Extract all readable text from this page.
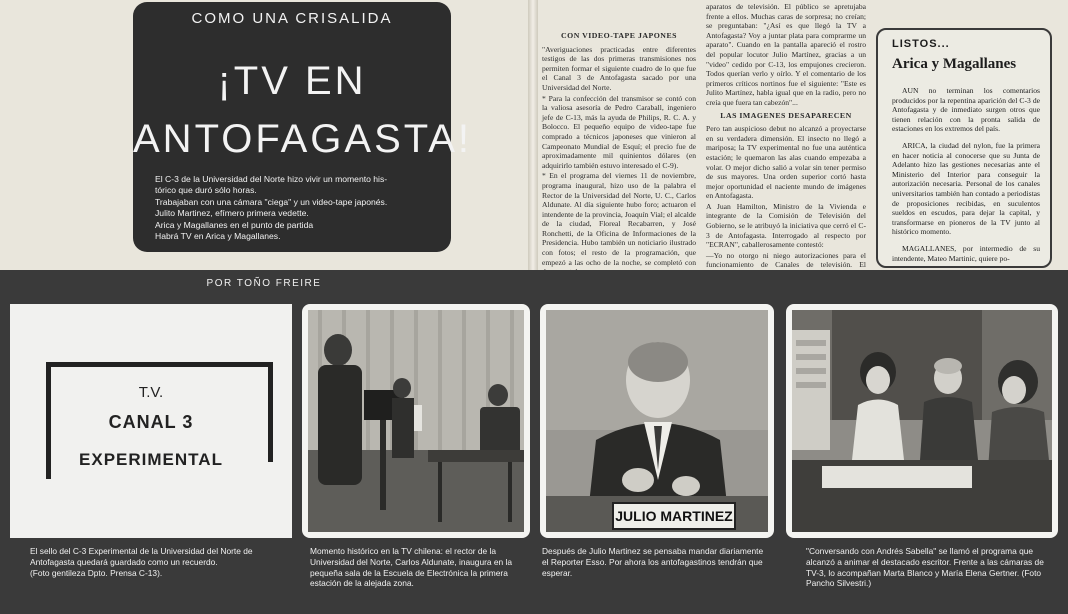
COMO UNA CRISALIDA
¡TV EN
ANTOFAGASTA!
El C-3 de la Universidad del Norte hizo vivir un momento his-
tórico que duró sólo horas.
Trabajaban con una cámara "ciega" y un video-tape japonés.
Julito Martinez, efímero primera vedette.
Arica y Magallanes en el punto de partida
Habrá TV en Arica y Magallanes.
CON VIDEO-TAPE JAPONES

"Averiguaciones practicadas entre diferentes testigos de las dos primeras transmisiones nos permiten formar el siguiente cuadro de lo que fue el Canal 3 de Antofagasta sacado por una Universidad del Norte.

* Para la confección del transmisor se contó con la valiosa asesoría de Pedro Caraball, ingeniero jefe de C-13, más la ayuda de Philips, R. C. A. y Bolocco. El pequeño equipo de video-tape fue comprado a técnicos japoneses que vinieron al Campeonato Mundial de Esquí; el precio fue de aproximadamente mil quinientos dólares (en adquirirlo también estuvo interesado el C-9).

* En el programa del viernes 11 de noviembre, programa inaugural, hizo uso de la palabra el Rector de la Universidad del Norte, U. C., Carlos Aldunate. Al día siguiente hubo foro; actuaron el intendente de la provincia, Joaquín Vial; el alcalde de la ciudad, Floreal Recabarren, y José Ronchetti, de la Oficina de Informaciones de la Presidencia. Hubo también un noticiario ilustrado con fotos; el resto de la programación, que empezó a las ocho de la noche, se completó con

aparatos de televisión. El público se apretujaba frente a ellos. Muchas caras de sorpresa; no creían; se preguntaban: "¿Así es que llegó la TV a Antofagasta? Voy a juntar plata para comprarme un aparato". Cuando en la pantalla apareció el rostro del popular locutor Julio Martínez, gracias a un "video" cedido por C-13, los empujones crecieron. Todos querían verlo y oírlo. Y el comentario de los primeros críticos nortinos fue el siguiente: "Este es Julito Martínez, habla igual que en la radio, pero no creía que fuera tan cabezón"...

LAS IMAGENES DESAPARECEN

Pero tan auspicioso debut no alcanzó a proyectarse en su verdadera dimensión. El insecto no llegó a mariposa; la TV experimental no fue una auténtica estación; le quemaron las alas cuando empezaba a volar. O mejor dicho salió a volar sin tener permiso de sus mayores. Una orden superior cortó hasta mejor oportunidad el naciente mundo de imágenes en Antofagasta.

A Juan Hamilton, Ministro de la Vivienda e integrante de la Comisión de Televisión del Gobierno, se le atribuyó la iniciativa que cerró el C-3 de Antofagasta. Interrogado al respecto por "ECRAN", caballerosamente contestó:

—Yo no otorgo ni niego autorizaciones para el funcionamiento de Canales de televisión. El

LISTOS...
Arica y Magallanes

AUN no terminan los comentarios producidos por la repentina aparición del C-3 de Antofagasta y de inmediato surgen otros que tienen relación con la pronta salida de estaciones en los extremos del país.

ARICA, la ciudad del nylon, fue la primera en hacer noticia al conocerse que su Junta de Adelanto hizo las gestiones necesarias ante el Ministerio del Interior para conseguir la autorización necesaria. Personal de los canales universitarios también han contado a periodistas de proposiciones recibidas, en suculentos sueldos en escudos, para dejar la capital, y transformarse en pioneros de la TV junto al histórico momento.

MAGALLANES, por intermedio de su intendente, Mateo Martinic, quiere po-

POR TOÑO FREIRE
T.V.
CANAL 3
EXPERIMENTAL
JULIO MARTINEZ
El sello del C-3 Experimental de la Universidad del Norte de Antofagasta quedará guardado como un recuerdo.
(Foto gentileza Dpto. Prensa C-13).
Momento histórico en la TV chilena: el rector de la Universidad del Norte, Carlos Aldunate, inaugura en la pequeña sala de la Escuela de Electrónica la primera estación de la alejada zona.
Después de Julio Martinez se pensaba mandar diariamente el Reporter Esso. Por ahora los antofagastinos tendrán que esperar.
"Conversando con Andrés Sabella" se llamó el programa que alcanzó a animar el destacado escritor. Frente a las cámaras de TV-3, lo acompañan Marta Blanco y María Elena Gertner. (Foto Pancho Silvestri.)
